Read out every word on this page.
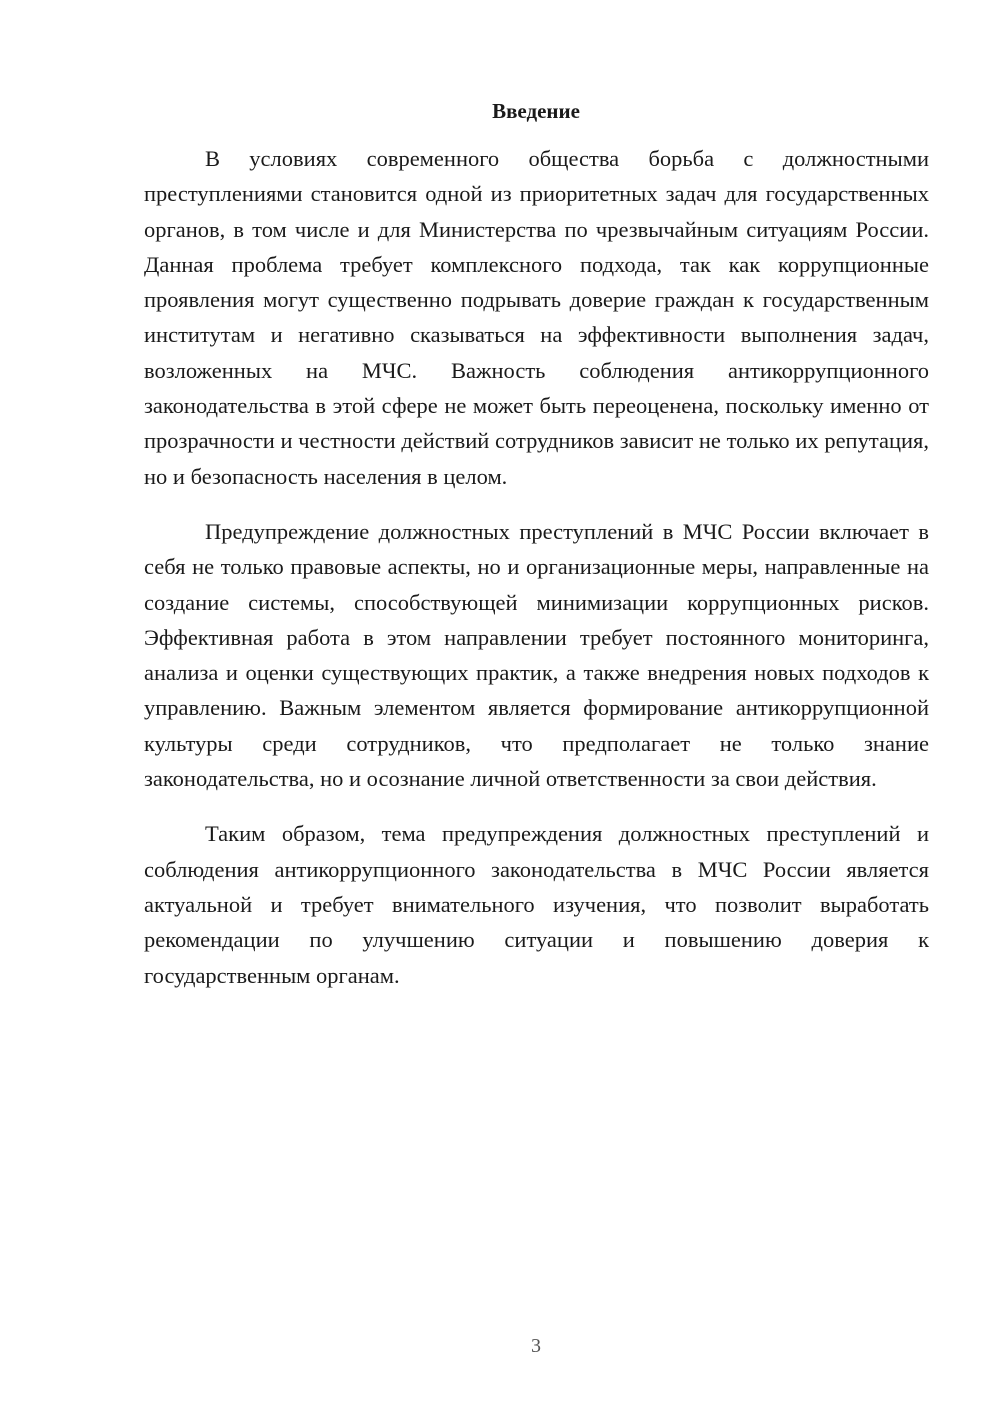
Введение

В условиях современного общества борьба с должностными преступлениями становится одной из приоритетных задач для государственных органов, в том числе и для Министерства по чрезвычайным ситуациям России. Данная проблема требует комплексного подхода, так как коррупционные проявления могут существенно подрывать доверие граждан к государственным институтам и негативно сказываться на эффективности выполнения задач, возложенных на МЧС. Важность соблюдения антикоррупционного законодательства в этой сфере не может быть переоценена, поскольку именно от прозрачности и честности действий сотрудников зависит не только их репутация, но и безопасность населения в целом.

Предупреждение должностных преступлений в МЧС России включает в себя не только правовые аспекты, но и организационные меры, направленные на создание системы, способствующей минимизации коррупционных рисков. Эффективная работа в этом направлении требует постоянного мониторинга, анализа и оценки существующих практик, а также внедрения новых подходов к управлению. Важным элементом является формирование антикоррупционной культуры среди сотрудников, что предполагает не только знание законодательства, но и осознание личной ответственности за свои действия.

Таким образом, тема предупреждения должностных преступлений и соблюдения антикоррупционного законодательства в МЧС России является актуальной и требует внимательного изучения, что позволит выработать рекомендации по улучшению ситуации и повышению доверия к государственным органам.

3
